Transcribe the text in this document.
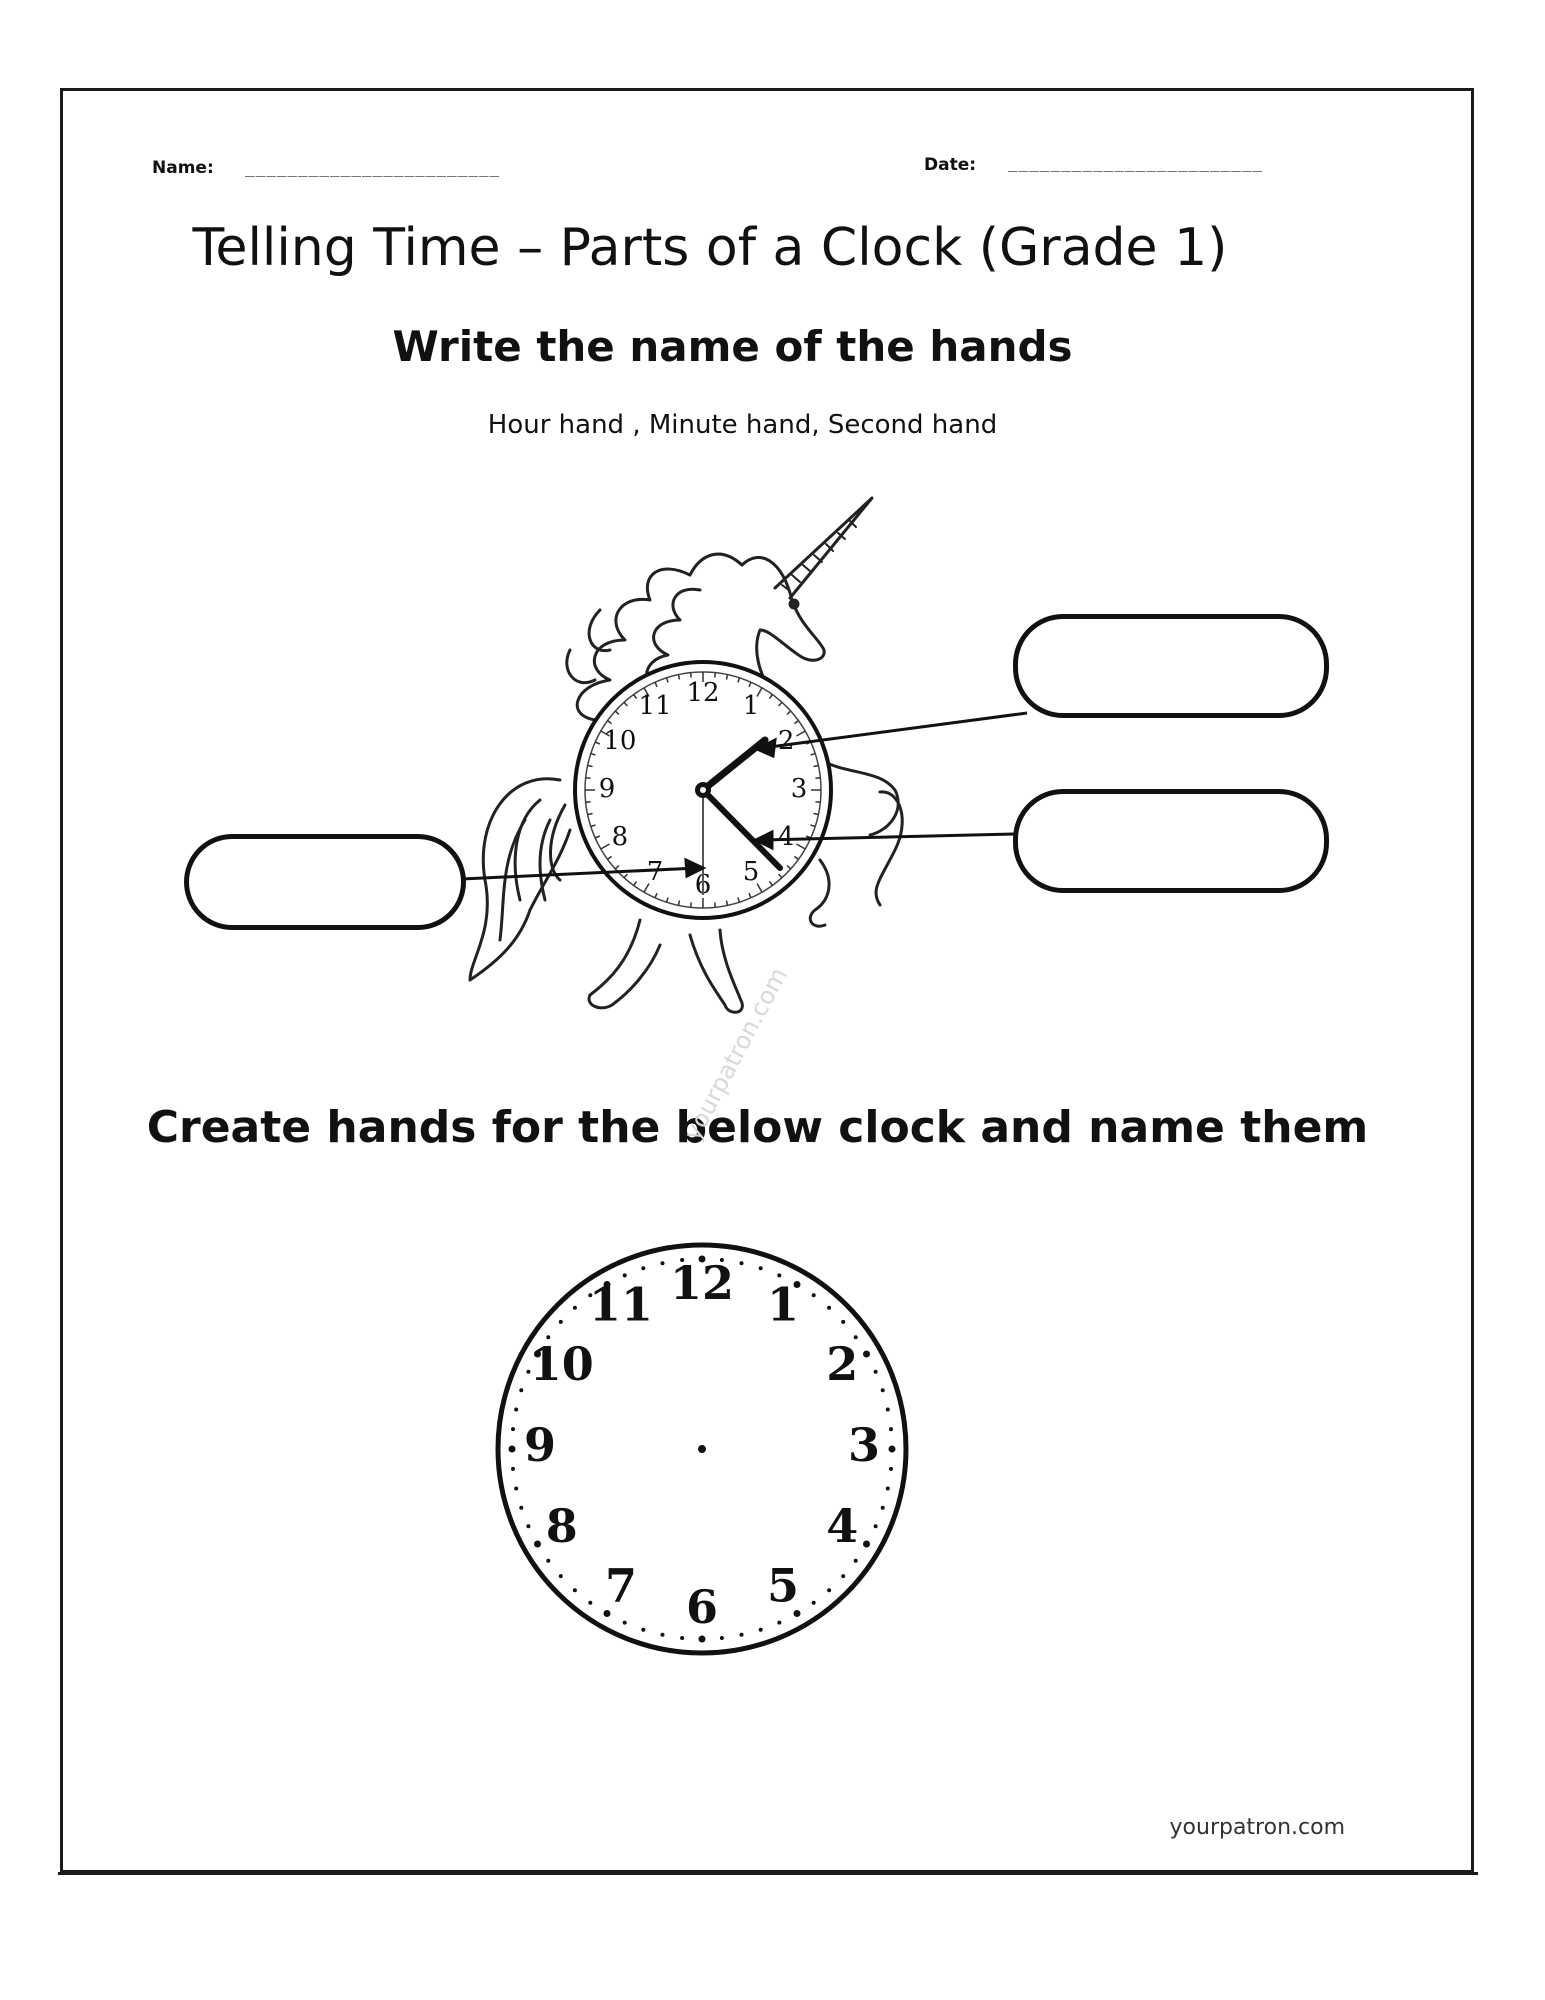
Name: ________________________	Date: ________________________
Telling Time – Parts of a Clock (Grade 1)
Write the name of the hands
Hour hand , Minute hand, Second hand
12 1
2
3
4
5
6
7
8
9
10
11
12 1
2
3
4
5
6
7
8
9
10
11
Create hands for the below clock and name them
yourpatron.com
yourpatron.com
